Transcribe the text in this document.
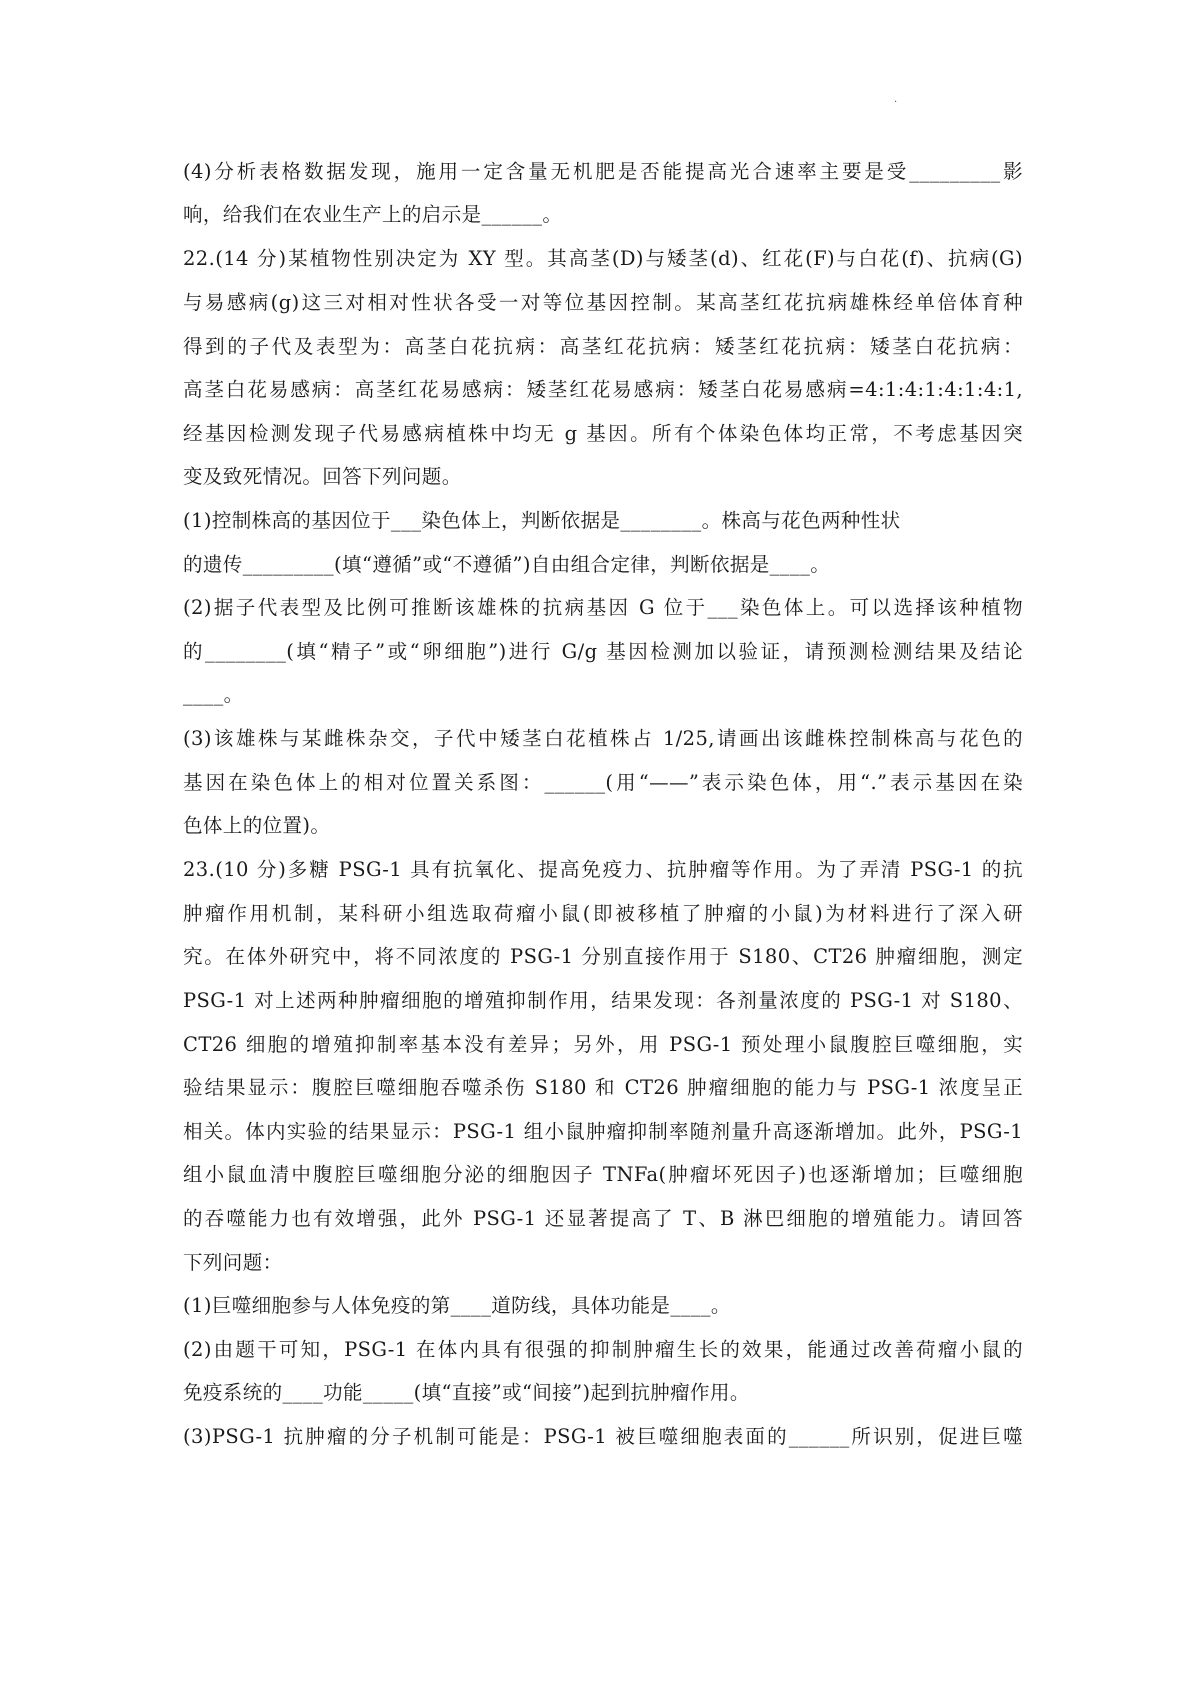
.
(4)分析表格数据发现，施用一定含量无机肥是否能提高光合速率主要是受_________影
响，给我们在农业生产上的启示是______。
22.(14 分)某植物性别决定为 XY 型。其高茎(D)与矮茎(d)、红花(F)与白花(f)、抗病(G)
与易感病(g)这三对相对性状各受一对等位基因控制。某高茎红花抗病雄株经单倍体育种
得到的子代及表型为：高茎白花抗病：高茎红花抗病：矮茎红花抗病：矮茎白花抗病：
高茎白花易感病：高茎红花易感病：矮茎红花易感病：矮茎白花易感病=4:1:4:1:4:1:4:1,
经基因检测发现子代易感病植株中均无 g 基因。所有个体染色体均正常，不考虑基因突
变及致死情况。回答下列问题。
(1)控制株高的基因位于___染色体上，判断依据是________。株高与花色两种性状
的遗传_________(填“遵循”或“不遵循”)自由组合定律，判断依据是____。
(2)据子代表型及比例可推断该雄株的抗病基因 G 位于___染色体上。可以选择该种植物
的________(填“精子”或“卵细胞”)进行 G/g 基因检测加以验证，请预测检测结果及结论
____。
(3)该雄株与某雌株杂交，子代中矮茎白花植株占 1/25,请画出该雌株控制株高与花色的
基因在染色体上的相对位置关系图：______(用“——”表示染色体，用“.”表示基因在染
色体上的位置)。
23.(10 分)多糖 PSG-1 具有抗氧化、提高免疫力、抗肿瘤等作用。为了弄清 PSG-1 的抗
肿瘤作用机制，某科研小组选取荷瘤小鼠(即被移植了肿瘤的小鼠)为材料进行了深入研
究。在体外研究中，将不同浓度的 PSG-1 分别直接作用于 S180、CT26 肿瘤细胞，测定
PSG-1 对上述两种肿瘤细胞的增殖抑制作用，结果发现：各剂量浓度的 PSG-1 对 S180、
CT26 细胞的增殖抑制率基本没有差异；另外，用 PSG-1 预处理小鼠腹腔巨噬细胞，实
验结果显示：腹腔巨噬细胞吞噬杀伤 S180 和 CT26 肿瘤细胞的能力与 PSG-1 浓度呈正
相关。体内实验的结果显示：PSG-1 组小鼠肿瘤抑制率随剂量升高逐渐增加。此外，PSG-1
组小鼠血清中腹腔巨噬细胞分泌的细胞因子 TNFa(肿瘤坏死因子)也逐渐增加；巨噬细胞
的吞噬能力也有效增强，此外 PSG-1 还显著提高了 T、B 淋巴细胞的增殖能力。请回答
下列问题：
(1)巨噬细胞参与人体免疫的第____道防线，具体功能是____。
(2)由题干可知，PSG-1 在体内具有很强的抑制肿瘤生长的效果，能通过改善荷瘤小鼠的
免疫系统的____功能_____(填“直接”或“间接”)起到抗肿瘤作用。
(3)PSG-1 抗肿瘤的分子机制可能是：PSG-1 被巨噬细胞表面的______所识别，促进巨噬
